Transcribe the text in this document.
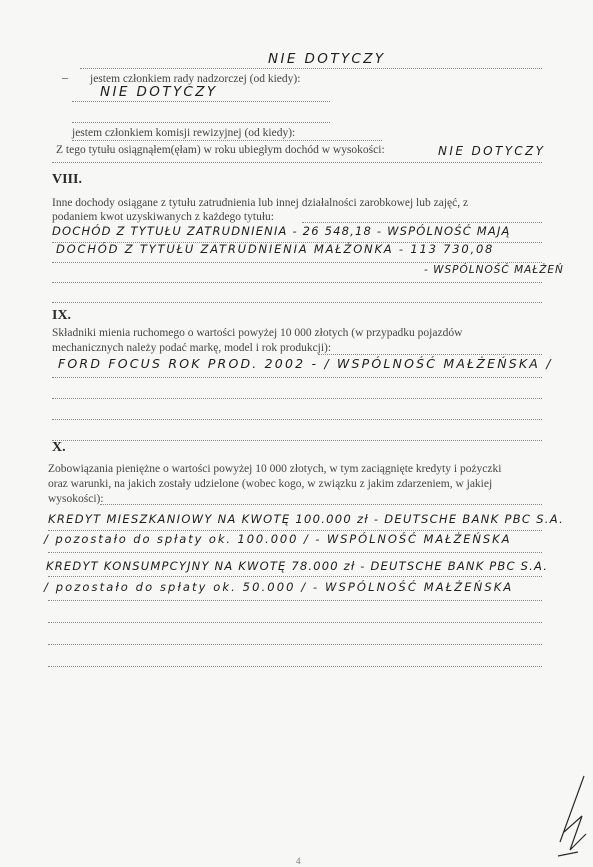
NIE DOTYCZY
– jestem członkiem rady nadzorczej (od kiedy):
NIE DOTYCZY
jestem członkiem komisji rewizyjnej (od kiedy):
Z tego tytułu osiągnąłem(ęłam) w roku ubiegłym dochód w wysokości:	NIE DOTYCZY
VIII.
Inne dochody osiągane z tytułu zatrudnienia lub innej działalności zarobkowej lub zajęć, z
podaniem kwot uzyskiwanych z każdego tytułu:
DOCHÓD Z TYTUŁU ZATRUDNIENIA - 26 548,18 - WSPÓLNOŚĆ MAJĄ
DOCHÓD Z TYTUŁU ZATRUDNIENIA MAŁŻONKA - 113 730,08
- WSPÓLNOŚĆ MAŁŻEŃ
IX.
Składniki mienia ruchomego o wartości powyżej 10 000 złotych (w przypadku pojazdów
mechanicznych należy podać markę, model i rok produkcji):
FORD FOCUS ROK PROD. 2002 - / WSPÓLNOŚĆ MAŁŻEŃSKA /
X.
Zobowiązania pieniężne o wartości powyżej 10 000 złotych, w tym zaciągnięte kredyty i pożyczki
oraz warunki, na jakich zostały udzielone (wobec kogo, w związku z jakim zdarzeniem, w jakiej
wysokości):
KREDYT MIESZKANIOWY NA KWOTĘ 100.000 zł - DEUTSCHE BANK PBC S.A.
/ pozostało do spłaty ok. 100.000 / - WSPÓLNOŚĆ MAŁŻEŃSKA
KREDYT KONSUMPCYJNY NA KWOTĘ 78.000 zł - DEUTSCHE BANK PBC S.A.
/ pozostało do spłaty ok. 50.000 / - WSPÓLNOŚĆ MAŁŻEŃSKA
4
